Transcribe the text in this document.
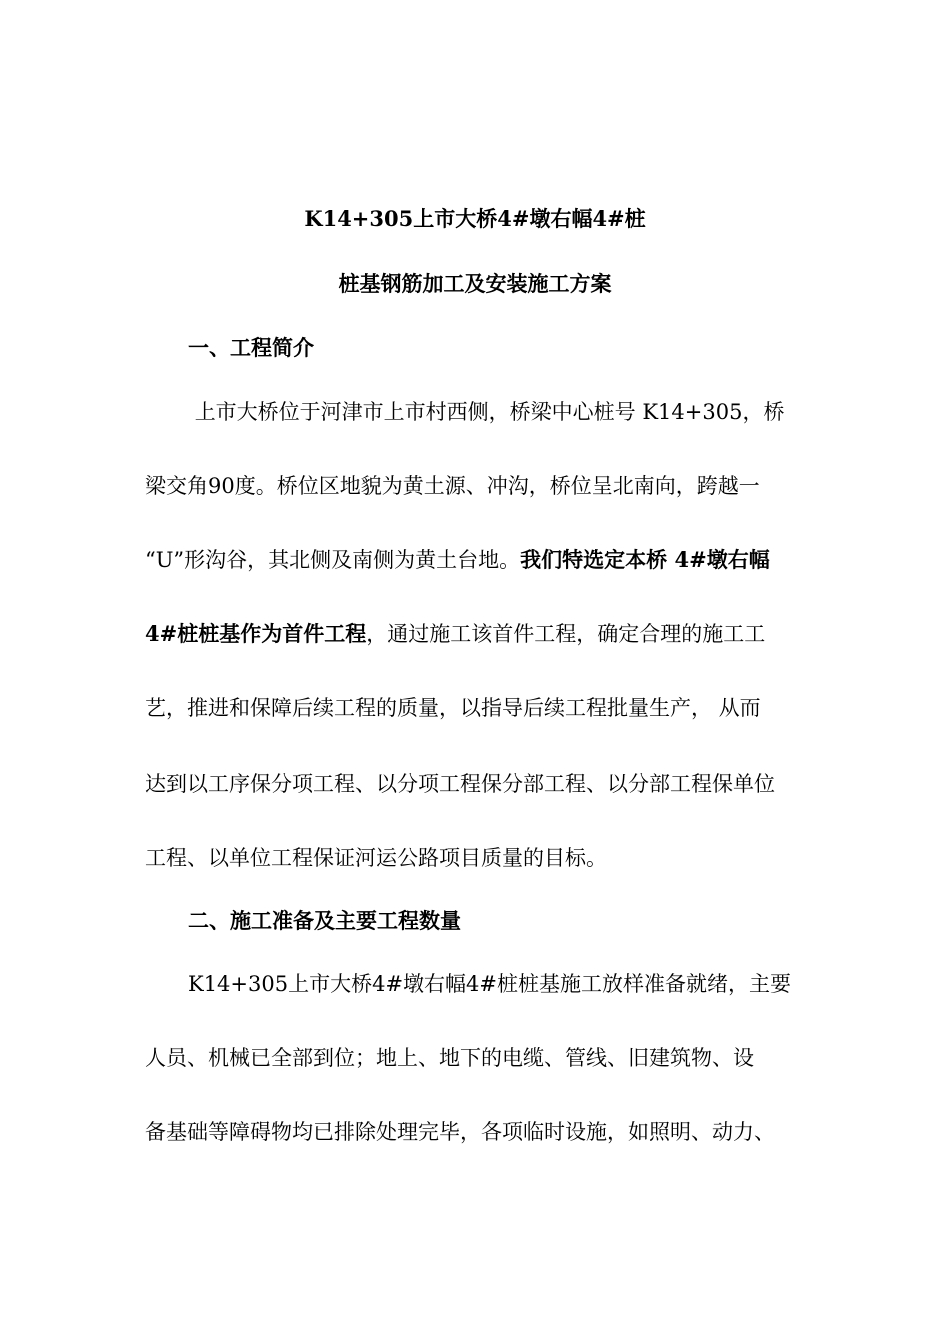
K14+305上市大桥4#墩右幅4#桩
桩基钢筋加工及安装施工方案
一、工程简介
上市大桥位于河津市上市村西侧，桥梁中心桩号 K14+305，桥
梁交角90度。桥位区地貌为黄土源、冲沟，桥位呈北南向，跨越一
“U”形沟谷，其北侧及南侧为黄土台地。我们特选定本桥 4#墩右幅
4#桩桩基作为首件工程，通过施工该首件工程，确定合理的施工工
艺，推进和保障后续工程的质量，以指导后续工程批量生产， 从而
达到以工序保分项工程、以分项工程保分部工程、以分部工程保单位
工程、以单位工程保证河运公路项目质量的目标。
二、施工准备及主要工程数量
K14+305上市大桥4#墩右幅4#桩桩基施工放样准备就绪，主要
人员、机械已全部到位；地上、地下的电缆、管线、旧建筑物、设
备基础等障碍物均已排除处理完毕，各项临时设施，如照明、动力、
